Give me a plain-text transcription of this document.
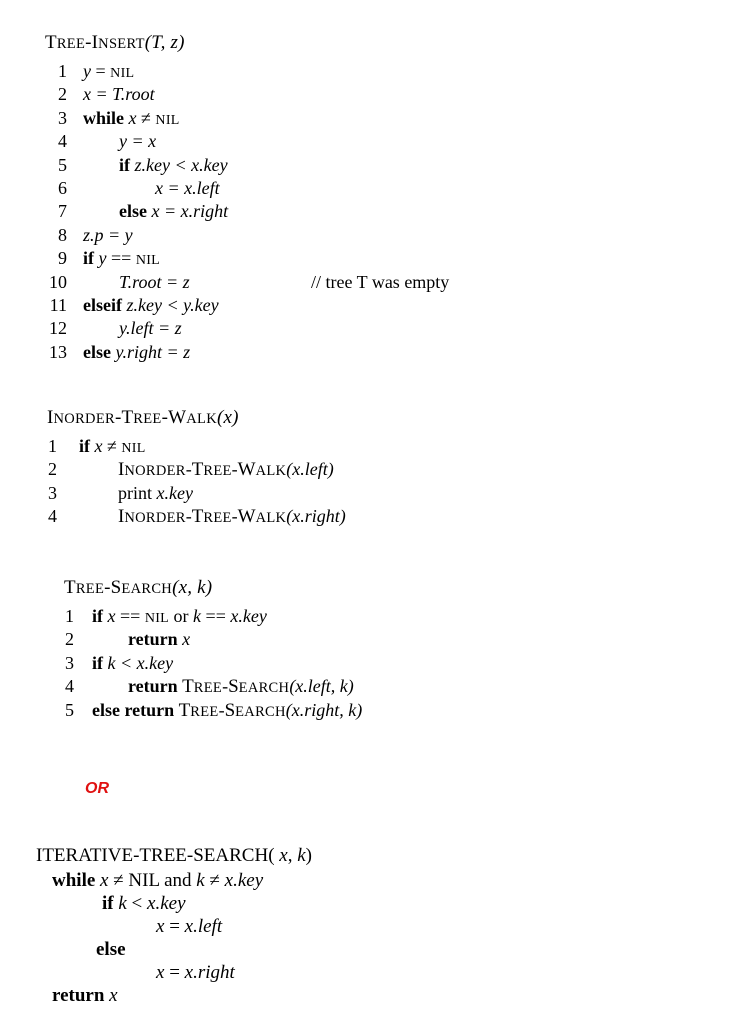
TREE-INSERT(T, z)
1 y = NIL
2 x = T.root
3 while x ≠ NIL
4	y = x
5	if z.key < x.key
6	x = x.left
7	else x = x.right
8 z.p = y
9 if y == NIL
10	T.root = z	// tree T was empty
11 elseif z.key < y.key
12	y.left = z
13 else y.right = z
INORDER-TREE-WALK(x)
1 if x ≠ NIL
2	INORDER-TREE-WALK(x.left)
3	print x.key
4	INORDER-TREE-WALK(x.right)
TREE-SEARCH(x, k)
1 if x == NIL or k == x.key
2	return x
3 if k < x.key
4	return TREE-SEARCH(x.left, k)
5 else return TREE-SEARCH(x.right, k)
OR
ITERATIVE-TREE-SEARCH( x, k)
while x ≠ NIL and k ≠ x.key
if k < x.key
x = x.left
else
x = x.right
return x
